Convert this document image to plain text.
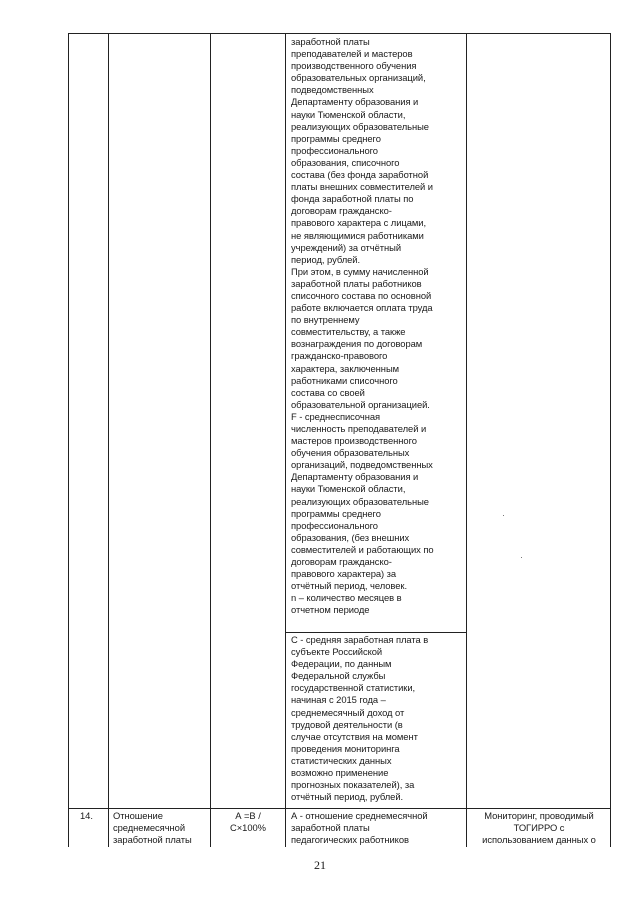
заработной платы
преподавателей и мастеров
производственного обучения
образовательных организаций,
подведомственных
Департаменту образования и
науки Тюменской области,
реализующих образовательные
программы среднего
профессионального
образования, списочного
состава (без фонда заработной
платы внешних совместителей и
фонда заработной платы по
договорам гражданско-
правового характера с лицами,
не являющимися работниками
учреждений) за отчётный
период, рублей.
При этом, в сумму начисленной
заработной платы работников
списочного состава по основной
работе включается оплата труда
по внутреннему
совместительству, а также
вознаграждения по договорам
гражданско-правового
характера, заключенным
работниками списочного
состава со своей
образовательной организацией.
F - среднесписочная
численность преподавателей и
мастеров производственного
обучения образовательных
организаций, подведомственных
Департаменту образования и
науки Тюменской области,
реализующих образовательные
программы среднего
профессионального
образования, (без внешних
совместителей и работающих по
договорам гражданско-
правового характера) за
отчётный период, человек.
n – количество месяцев в
отчетном периоде
С - средняя заработная плата в
субъекте Российской
Федерации, по данным
Федеральной службы
государственной статистики,
начиная с 2015 года –
среднемесячный доход от
трудовой деятельности (в
случае отсутствия на момент
проведения мониторинга
статистических данных
возможно применение
прогнозных показателей), за
отчётный период, рублей.
14.	Отношение
среднемесячной
заработной платы
А =В /
С×100%
А - отношение среднемесячной
заработной платы
педагогических работников
Мониторинг, проводимый
ТОГИРРО с
использованием данных о
21
